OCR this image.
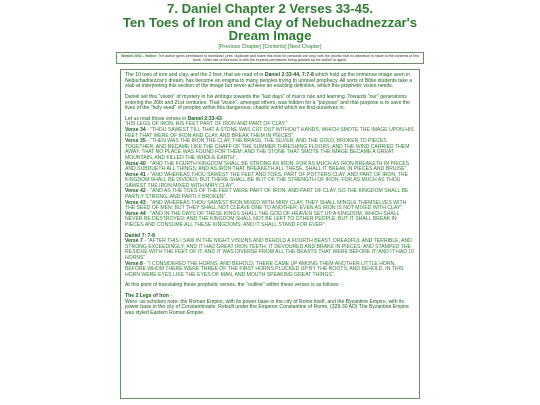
7. Daniel Chapter 2 Verses 33-45.
Ten Toes of Iron and Clay of Nebuchadnezzar's
Dream Image
[Previous Chapter] [Contents] [Next Chapter]
Wealth 2002 - Notice: The author gives permission to download, print, duplicate and share this book for personal use only, with the proviso that no alteration is made to the contents of this book. Other use of this book is with the express permission being granted by the author or agent.

The 10 toes of iron and clay, and the 2 feet, that we read of in Daniel 2:33-44, 7:7-8 which hold up the immense image seen in Nebuchadnezzar's dream, has become an enigma to many peoples trying to unravel prophecy. All sorts of Bible students take a stab at interpreting this section of the image but never achieve an exacting definition, which this prophetic vision needs.

Daniel set this "vision" of mystery in his writings towards the "last days" of man's rule and learning. Towards "our" generations entering the 20th and 21st centuries. That "vision", amongst others, was hidden for a "purpose" and that purpose is to save the lives of the "holy seed" of peoples within this dangerous, chaotic world which we find ourselves in.

Let us read those verses in Daniel 2:33-43.
"HIS LEGS OF IRON, HIS FEET PART OF IRON AND PART OF CLAY."
Verse 34 - "THOU SAWEST TILL THAT A STONE WAS CUT OUT WITHOUT HANDS, WHICH SMOTE THE IMAGE UPON HIS FEET THAT WERE OF IRON AND CLAY, AND BREAK THEM IN PIECES".
Verse 35 - "THEN WAS THE IRON THE CLAY, THE BRASS, THE SILVER, AND THE GOLD, BROKEN TO PIECES TOGETHER, AND BECAME LIKE THE CHAFF OF THE SUMMER THRESHING FLOORS; AND THE WIND CARRIED THEM AWAY, THAT NO PLACE WAS FOUND FOR THEM: AND THE STONE THAT SMOTE THE IMAGE BECAME A GREAT MOUNTAIN, AND FILLED THE WHOLE EARTH".
Verse 40 - "AND THE FOURTH KINGDOM SHALL BE STRONG AS IRON: FOR AS MUCH AS IRON BREAKETH IN PIECES AND SUBDUETH ALL THINGS; AND AS IRON THAT BREAKETH ALL THESE, SHALL IT BREAK IN PIECES AND BRUISE".
Verse 41 - "AND WHEREAS THOU SAWEST THE FEET AND TOES, PART OF POTTERS CLAY, AND PART OF IRON, THE KINGDOM SHALL BE DIVIDED; BUT THERE SHALL BE IN IT OF THE STRENGTH OF IRON, FOR AS MUCH AS THOU SAWEST THE IRON MIXED WITH MIRY CLAY".
Verse 42 - "AND AS THE TOES OF THE FEET WERE PART OF IRON, AND PART OF CLAY, SO THE KINGDOM SHALL BE PARTLY STRONG, AND PARTLY BROKEN".
Verse 43 - "AND WHEREAS THOU SAWEST IRON MIXED WITH MIRY CLAY, THEY SHALL MINGLE THEMSELVES WITH THE SEED OF MEN; BUT THEY SHALL NOT CLEAVE ONE TO ANOTHER, EVEN AS IRON IS NOT MIXED WITH CLAY".
Verse 44 - "AND IN THE DAYS OF THESE KINGS SHALL THE GOD OF HEAVEN SET UP A KINGDOM, WHICH SHALL NEVER BE DESTROYED: AND THE KINGDOM SHALL NOT BE LEFT TO OTHER PEOPLE, BUT IT SHALL BREAK IN PIECES AND CONSUME ALL THESE KINGDOMS, AND IT SHALL STAND FOR EVER".

Daniel 7: 7-8
Verse 7 - "AFTER THIS I SAW IN THE NIGHT VISIONS AND BEHOLD A FOURTH BEAST, DREADFUL AND TERRIBLE, AND STRONG EXCEEDINGLY; AND IT HAD GREAT IRON TEETH; IT DEVOURED AND BRAKE IN PIECES, AND STAMPED THE RESIDUE WITH THE FEET OF IT: AND IT WAS DIVERSE FROM ALL THE BEASTS THAT WERE BEFORE IT; AND IT HAD 10 HORNS".
Verse 8 - "I CONSIDERED THE HORNS, AND BEHOLD, THERE CAME UP AMONG THEM ANOTHER LITTLE HORN, BEFORE WHOM THERE WERE THREE OF THE FIRST HORNS PLUCKED UP BY THE ROOTS; AND BEHOLD, IN THIS HORN WERE EYES LIKE THE EYES OF MAN, AND MOUTH SPEAKING GREAT THINGS".

At this point of translating these prophetic verses, the "outline" within these verses is as follows: -

The 2 Legs of Iron -
Were -as scholars note- the Roman Empire, with its power base in the city of Rome itself, and the Byzantine Empire, with its power base in the city of Constantinople. Rebuilt under the Emperor Constantine of Rome, (328-30 AD) The Byzantine Empire was styled Eastern Roman Empire.
